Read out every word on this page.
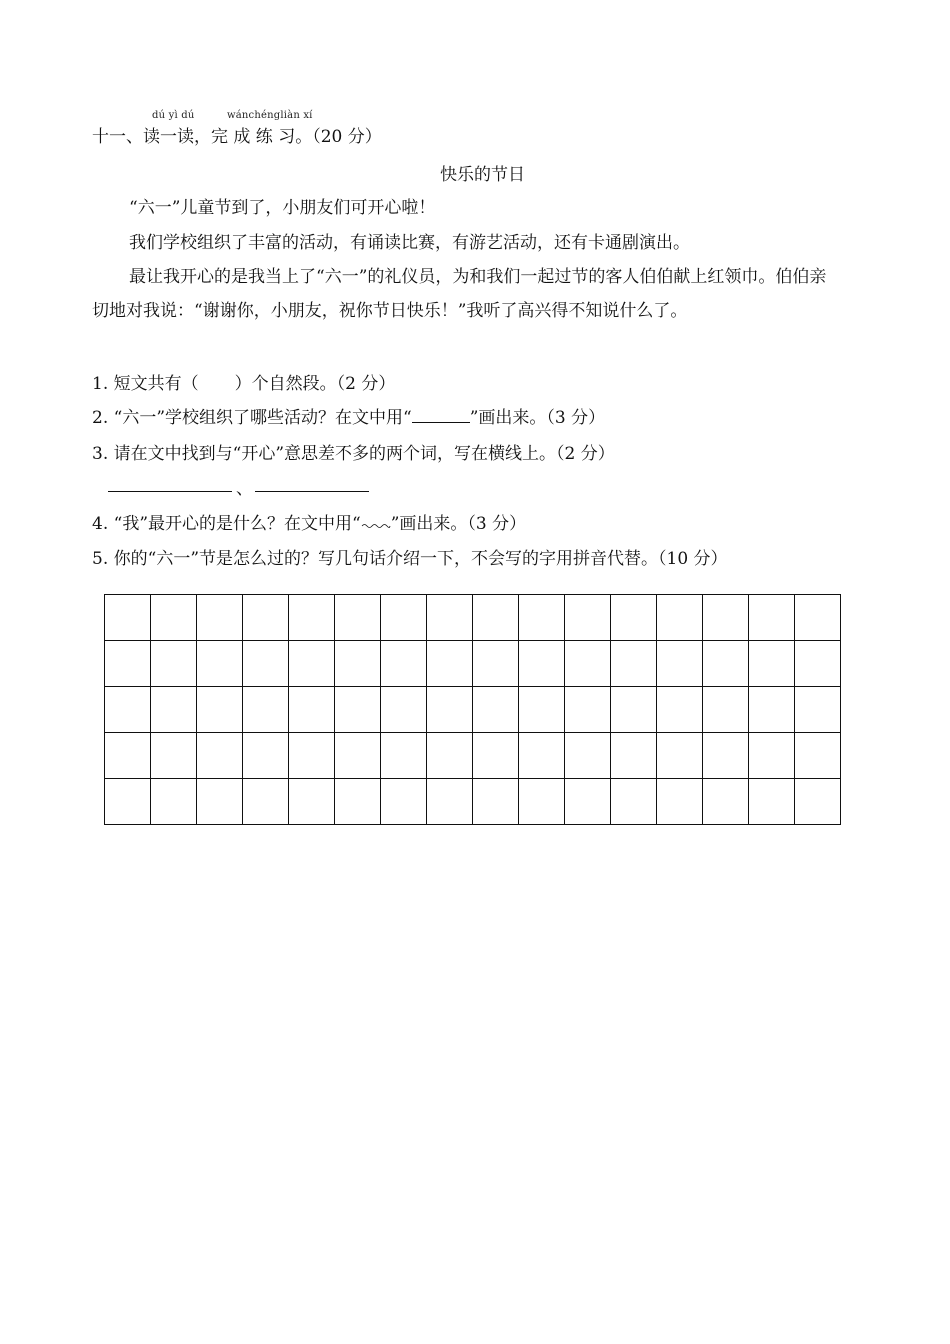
dú yì dú	wánchéngliàn xí
十一、读一读，完 成 练 习。（20 分）
快乐的节日
“六一”儿童节到了，小朋友们可开心啦！
我们学校组织了丰富的活动，有诵读比赛，有游艺活动，还有卡通剧演出。
最让我开心的是我当上了“六一”的礼仪员，为和我们一起过节的客人伯伯献上红领巾。伯伯亲切地对我说：“谢谢你，小朋友，祝你节日快乐！”我听了高兴得不知说什么了。
1. 短文共有（ ）个自然段。（2 分）
2. “六一”学校组织了哪些活动？在文中用“	”画出来。（3 分）
3. 请在文中找到与“开心”意思差不多的两个词，写在横线上。（2 分）
、
4. “我”最开心的是什么？在文中用“ ”画出来。（3 分）
5. 你的“六一”节是怎么过的？写几句话介绍一下，不会写的字用拼音代替。（10 分）
